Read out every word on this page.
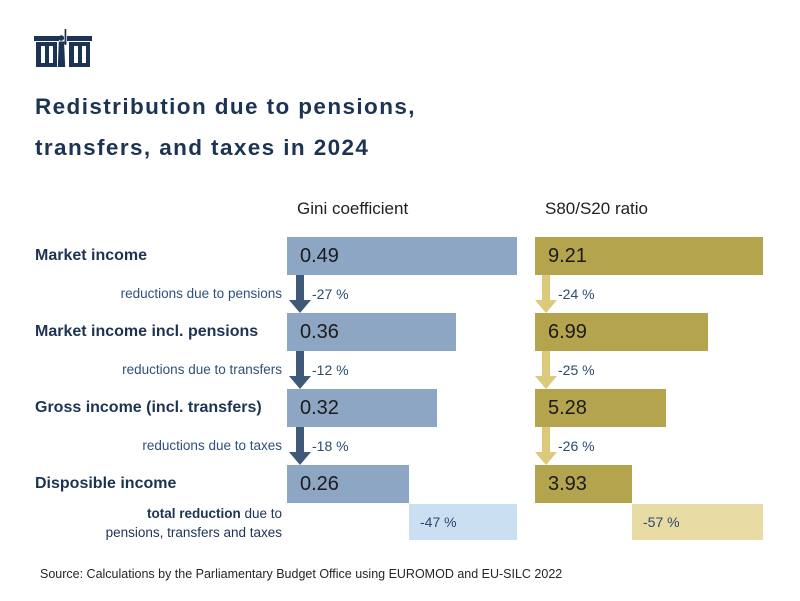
Redistribution due to pensions,
transfers, and taxes in 2024
Gini coefficient	S80/S20 ratio
Market income	0.49	9.21
reductions due to pensions -27 %	-24 %
Market income incl. pensions	0.36	6.99
reductions due to transfers -12 %	-25 %
Gross income (incl. transfers)	0.32	5.28
reductions due to taxes -18 %	-26 %
Disposible income	0.26	3.93
total reduction due to
pensions, transfers and taxes
-47 %	-57 %
Source: Calculations by the Parliamentary Budget Office using EUROMOD and EU-SILC 2022
